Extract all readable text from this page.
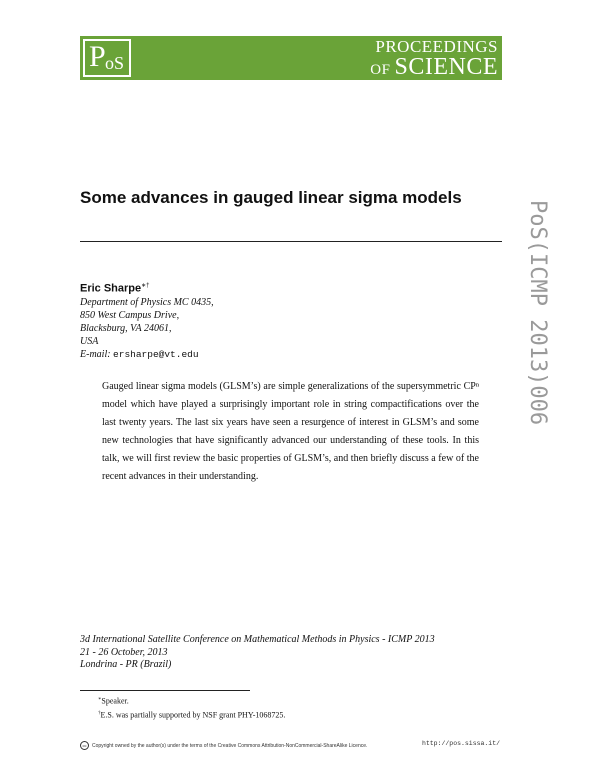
P oS
PROCEEDINGS
OF SCIENCE
PoS(ICMP 2013)006
Some advances in gauged linear sigma models
Eric Sharpe∗†
Department of Physics MC 0435,
850 West Campus Drive,
Blacksburg, VA 24061,
USA
E-mail: ersharpe@vt.edu
Gauged linear sigma models (GLSM’s) are simple generalizations of the supersymmetric CPⁿ model which have played a surprisingly important role in string compactifications over the last twenty years. The last six years have seen a resurgence of interest in GLSM’s and some new technologies that have significantly advanced our understanding of these tools. In this talk, we will first review the basic properties of GLSM’s, and then briefly discuss a few of the recent advances in their understanding.
3d International Satellite Conference on Mathematical Methods in Physics - ICMP 2013
21 - 26 October, 2013
Londrina - PR (Brazil)
∗Speaker.
†E.S. was partially supported by NSF grant PHY-1068725.
cc	Copyright owned by the author(s) under the terms of the Creative Commons Attribution-NonCommercial-ShareAlike Licence.	http://pos.sissa.it/
